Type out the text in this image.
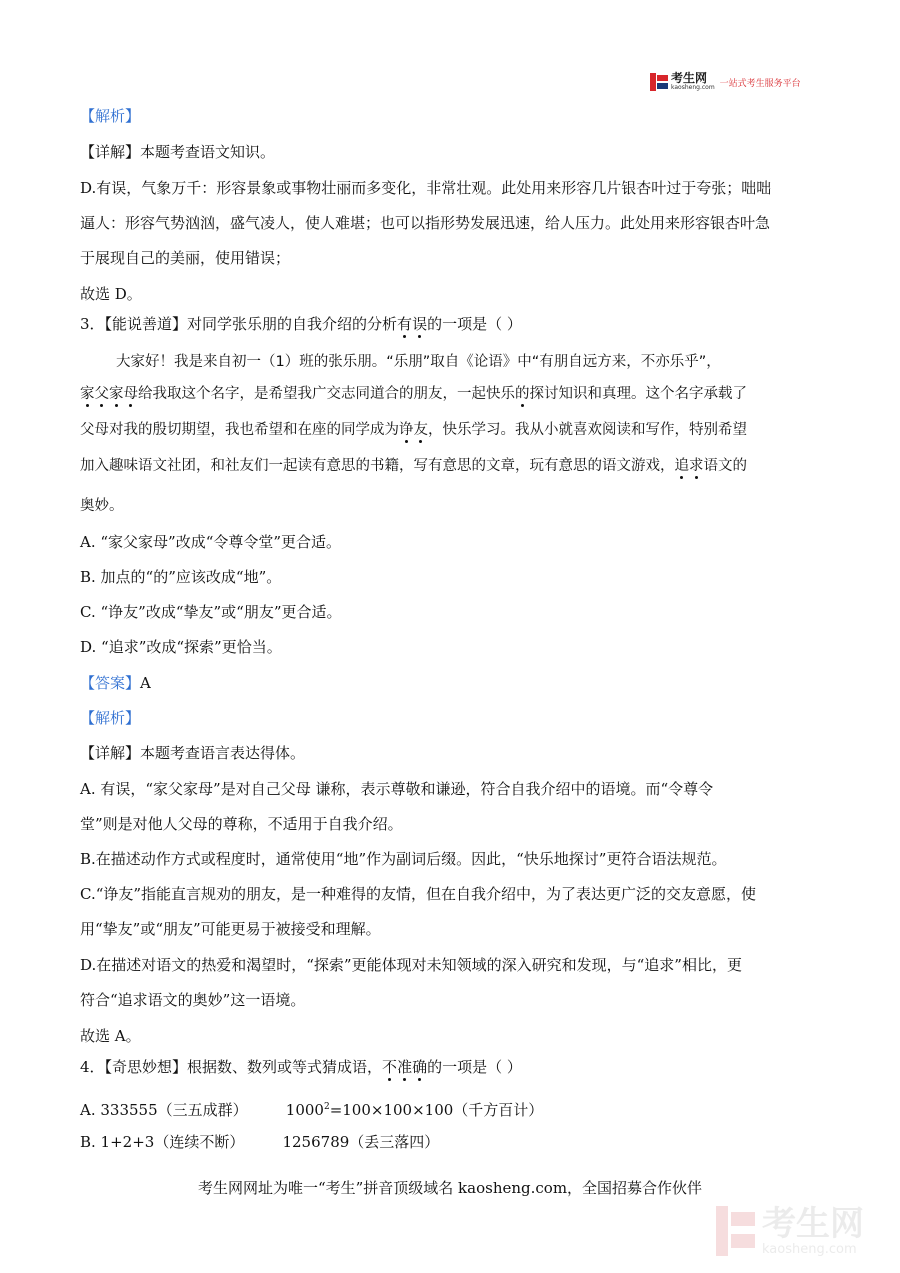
考生网
kaosheng.com 一站式考生服务平台
【解析】
【详解】本题考查语文知识。
D.有误，气象万千：形容景象或事物壮丽而多变化，非常壮观。此处用来形容几片银杏叶过于夸张；咄咄
逼人：形容气势汹汹，盛气凌人，使人难堪；也可以指形势发展迅速，给人压力。此处用来形容银杏叶急
于展现自己的美丽，使用错误；
故选 D。
3．【能说善道】对同学张乐朋的自我介绍的分析有误的一项是（ ）
大家好！我是来自初一（1）班的张乐朋。“乐朋”取自《论语》中“有朋自远方来，不亦乐乎”，
家父家母给我取这个名字，是希望我广交志同道合的朋友，一起快乐的探讨知识和真理。这个名字承载了
父母对我的殷切期望，我也希望和在座的同学成为诤友，快乐学习。我从小就喜欢阅读和写作，特别希望
加入趣味语文社团，和社友们一起读有意思的书籍，写有意思的文章，玩有意思的语文游戏，追求语文的
奥妙。
A. “家父家母”改成“令尊令堂”更合适。
B. 加点的“的”应该改成“地”。
C. “诤友”改成“挚友”或“朋友”更合适。
D. “追求”改成“探索”更恰当。
【答案】A
【解析】
【详解】本题考查语言表达得体。
A. 有误，“家父家母”是对自己父母 谦称，表示尊敬和谦逊，符合自我介绍中的语境。而“令尊令
堂”则是对他人父母的尊称，不适用于自我介绍。
B.在描述动作方式或程度时，通常使用“地”作为副词后缀。因此，“快乐地探讨”更符合语法规范。
C.“诤友”指能直言规劝的朋友，是一种难得的友情，但在自我介绍中，为了表达更广泛的交友意愿，使
用“挚友”或“朋友”可能更易于被接受和理解。
D.在描述对语文的热爱和渴望时，“探索”更能体现对未知领域的深入研究和发现，与“追求”相比，更
符合“追求语文的奥妙”这一语境。
故选 A。
4．【奇思妙想】根据数、数列或等式猜成语，不准确的一项是（ ）
A. 333555（三五成群）        $1000^2=100\times 100\times 100$（千方百计）
B. 1+2+3（连续不断）        1256789（丢三落四）
考生网网址为唯一“考生”拼音顶级域名 kaosheng.com，全国招募合作伙伴
考生网
kaosheng.com
